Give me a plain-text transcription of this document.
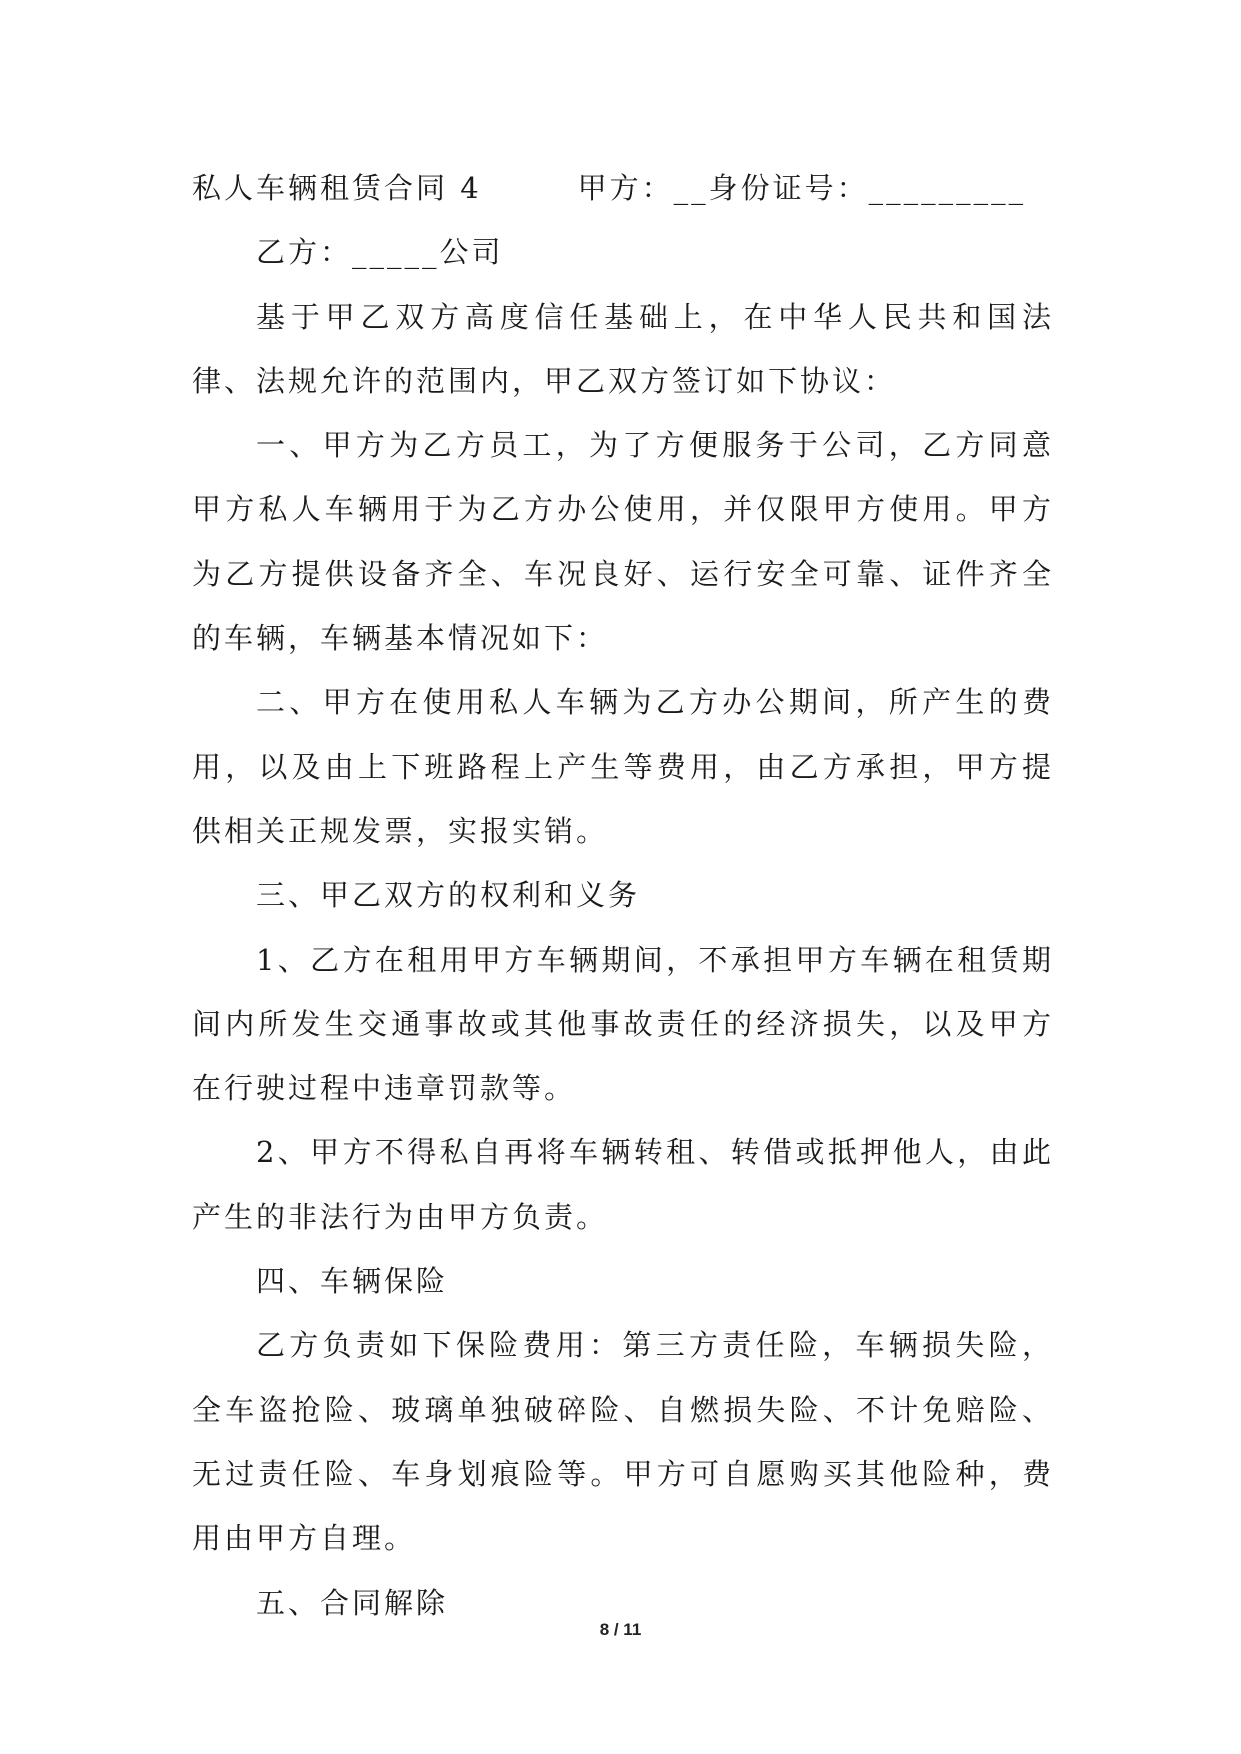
私人车辆租赁合同 4　　　甲方：__身份证号：_________

乙方：_____公司

基于甲乙双方高度信任基础上，在中华人民共和国法律、法规允许的范围内，甲乙双方签订如下协议：

一、甲方为乙方员工，为了方便服务于公司，乙方同意甲方私人车辆用于为乙方办公使用，并仅限甲方使用。甲方为乙方提供设备齐全、车况良好、运行安全可靠、证件齐全的车辆，车辆基本情况如下：

二、甲方在使用私人车辆为乙方办公期间，所产生的费用，以及由上下班路程上产生等费用，由乙方承担，甲方提供相关正规发票，实报实销。

三、甲乙双方的权利和义务

1、乙方在租用甲方车辆期间，不承担甲方车辆在租赁期间内所发生交通事故或其他事故责任的经济损失，以及甲方在行驶过程中违章罚款等。

2、甲方不得私自再将车辆转租、转借或抵押他人，由此产生的非法行为由甲方负责。

四、车辆保险

乙方负责如下保险费用：第三方责任险，车辆损失险，全车盗抢险、玻璃单独破碎险、自燃损失险、不计免赔险、无过责任险、车身划痕险等。甲方可自愿购买其他险种，费用由甲方自理。

五、合同解除

8 / 11
